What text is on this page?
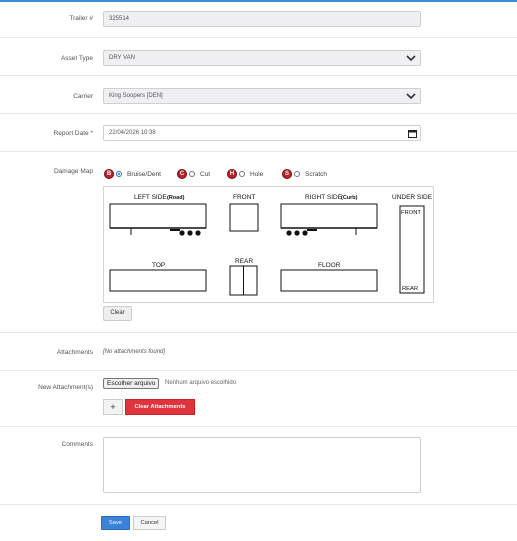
Trailer #	325514
Asset Type	DRY VAN
Carrier	King Soopers [DEN]
Report Date *	22/04/2026 10:38
Damage Map	B	Bruise/Dent	C	Cut	H	Hole	S	Scratch
LEFT SIDE (Road)	FRONT	RIGHT SIDE
(Curb)	UNDER SIDE
FRONT
REAR
TOP
REAR
FLOOR
Clear
Attachments [No attachments found]
New Attachment(s)
Escolher arquivo	Nenhum arquivo escolhido
+	Clear Attachments
Comments
Save	Cancel
